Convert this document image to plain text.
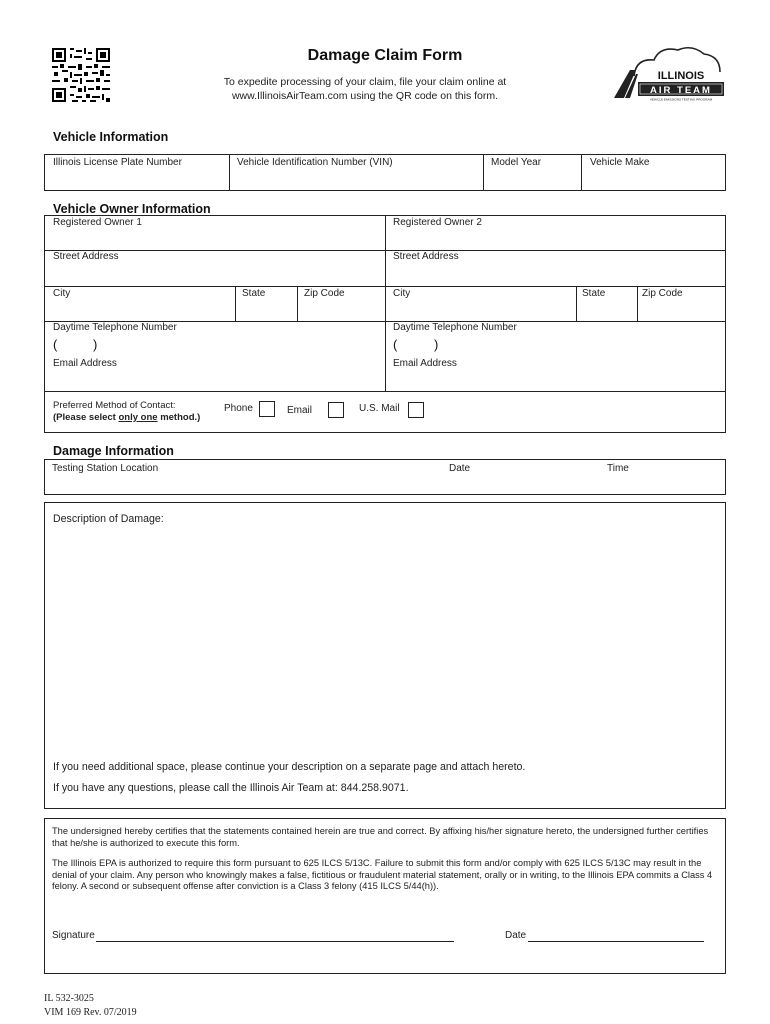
Damage Claim Form
To expedite processing of your claim, file your claim online at
www.IllinoisAirTeam.com using the QR code on this form.
ILLINOIS
AIR TEAM
VEHICLE EMISSIONS TESTING PROGRAM
Vehicle Information
Illinois License Plate Number	Vehicle Identification Number (VIN)	Model Year	Vehicle Make
Vehicle Owner Information
Registered Owner 1	Registered Owner 2
Street Address	Street Address
City	State	Zip Code	City	State	Zip Code
Daytime Telephone Number	Daytime Telephone Number
(	)	(	)
Email Address	Email Address
Preferred Method of Contact:
(Please select only one method.)
Phone	Email	U.S. Mail
Damage Information
Testing Station Location	Date	Time
Description of Damage:
If you need additional space, please continue your description on a separate page and attach hereto.
If you have any questions, please call the Illinois Air Team at: 844.258.9071.
The undersigned hereby certifies that the statements contained herein are true and correct. By affixing his/her signature hereto, the undersigned further certifies that he/she is authorized to execute this form.
The Illinois EPA is authorized to require this form pursuant to 625 ILCS 5/13C. Failure to submit this form and/or comply with 625 ILCS 5/13C may result in the denial of your claim. Any person who knowingly makes a false, fictitious or fraudulent material statement, orally or in writing, to the Illinois EPA commits a Class 4 felony. A second or subsequent offense after conviction is a Class 3 felony (415 ILCS 5/44(h)).
Signature	Date
IL 532-3025
VIM 169 Rev. 07/2019
